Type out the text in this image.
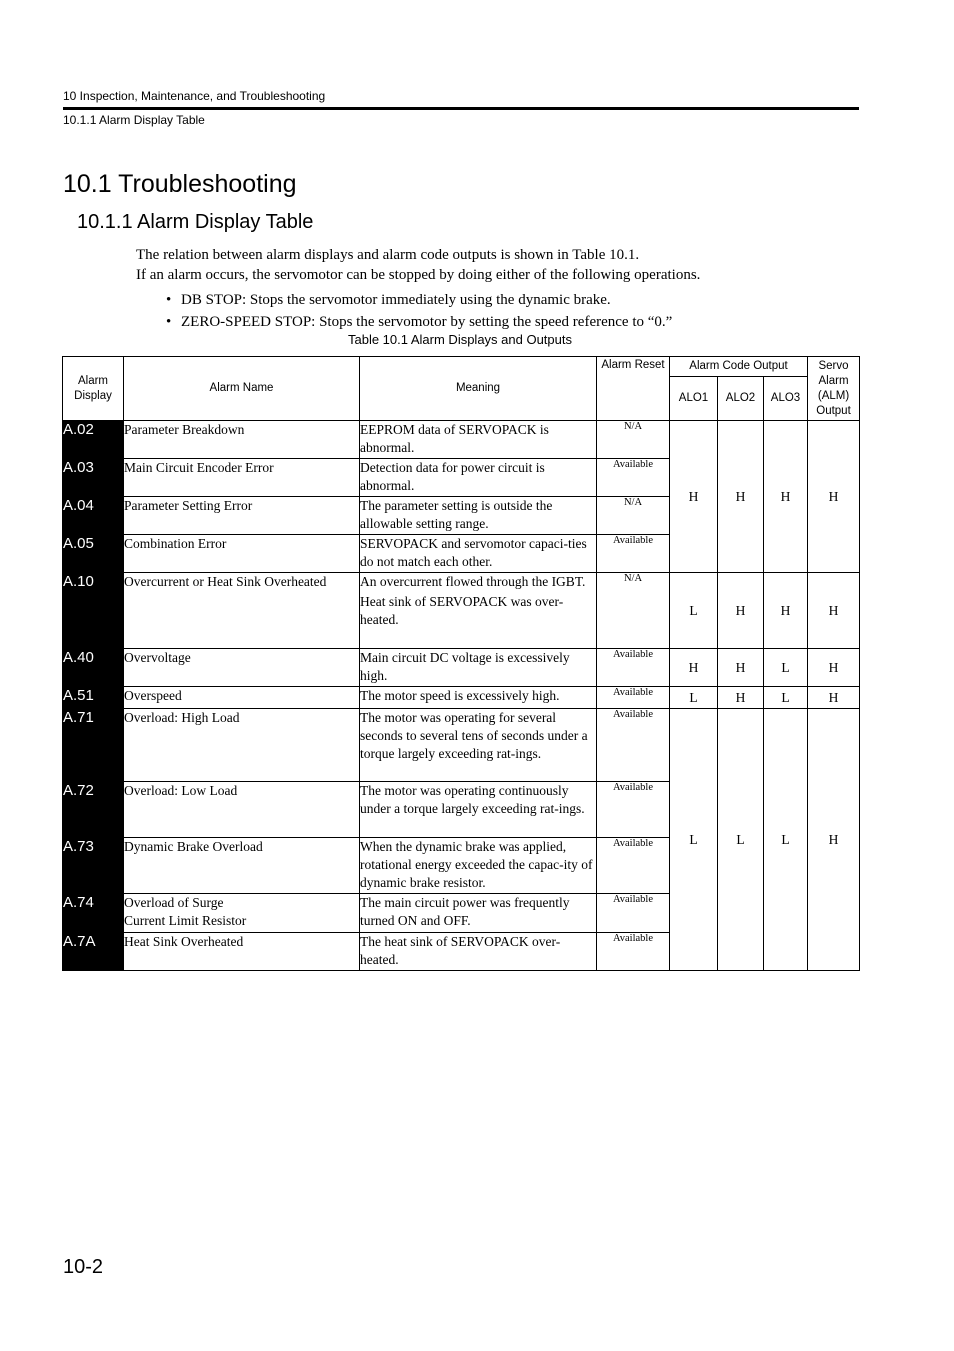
10 Inspection, Maintenance, and Troubleshooting
10.1.1 Alarm Display Table
10.1 Troubleshooting
10.1.1 Alarm Display Table
The relation between alarm displays and alarm code outputs is shown in Table 10.1.
If an alarm occurs, the servomotor can be stopped by doing either of the following operations.
• DB STOP: Stops the servomotor immediately using the dynamic brake.
• ZERO-SPEED STOP: Stops the servomotor by setting the speed reference to “0.”
Table 10.1 Alarm Displays and Outputs
Alarm Display	Alarm Name	Meaning	Alarm Reset	Alarm Code Output			Servo Alarm (ALM) Output
				ALO1	ALO2	ALO3	
A.02	Parameter Breakdown	EEPROM data of SERVOPACK is abnormal.	N/A	H	H	H	H
A.03	Main Circuit Encoder Error	Detection data for power circuit is abnormal.	Available				
A.04	Parameter Setting Error	The parameter setting is outside the allowable setting range.	N/A				
A.05	Combination Error	SERVOPACK and servomotor capaci-ties do not match each other.	Available				
A.10	Overcurrent or Heat Sink Overheated	An overcurrent flowed through the IGBT.
Heat sink of SERVOPACK was over-heated.	N/A	L	H	H	H
A.40	Overvoltage	Main circuit DC voltage is excessively high.	Available	H	H	L	H
A.51	Overspeed	The motor speed is excessively high.	Available	L	H	L	H
A.71	Overload: High Load	The motor was operating for several seconds to several tens of seconds under a torque largely exceeding rat-ings.	Available	L	L	L	H
A.72	Overload: Low Load	The motor was operating continuously under a torque largely exceeding rat-ings.	Available				
A.73	Dynamic Brake Overload	When the dynamic brake was applied, rotational energy exceeded the capac-ity of dynamic brake resistor.	Available				
A.74	Overload of Surge
Current Limit Resistor	The main circuit power was frequently turned ON and OFF.	Available				
A.7A	Heat Sink Overheated	The heat sink of SERVOPACK over-heated.	Available				
10-2
